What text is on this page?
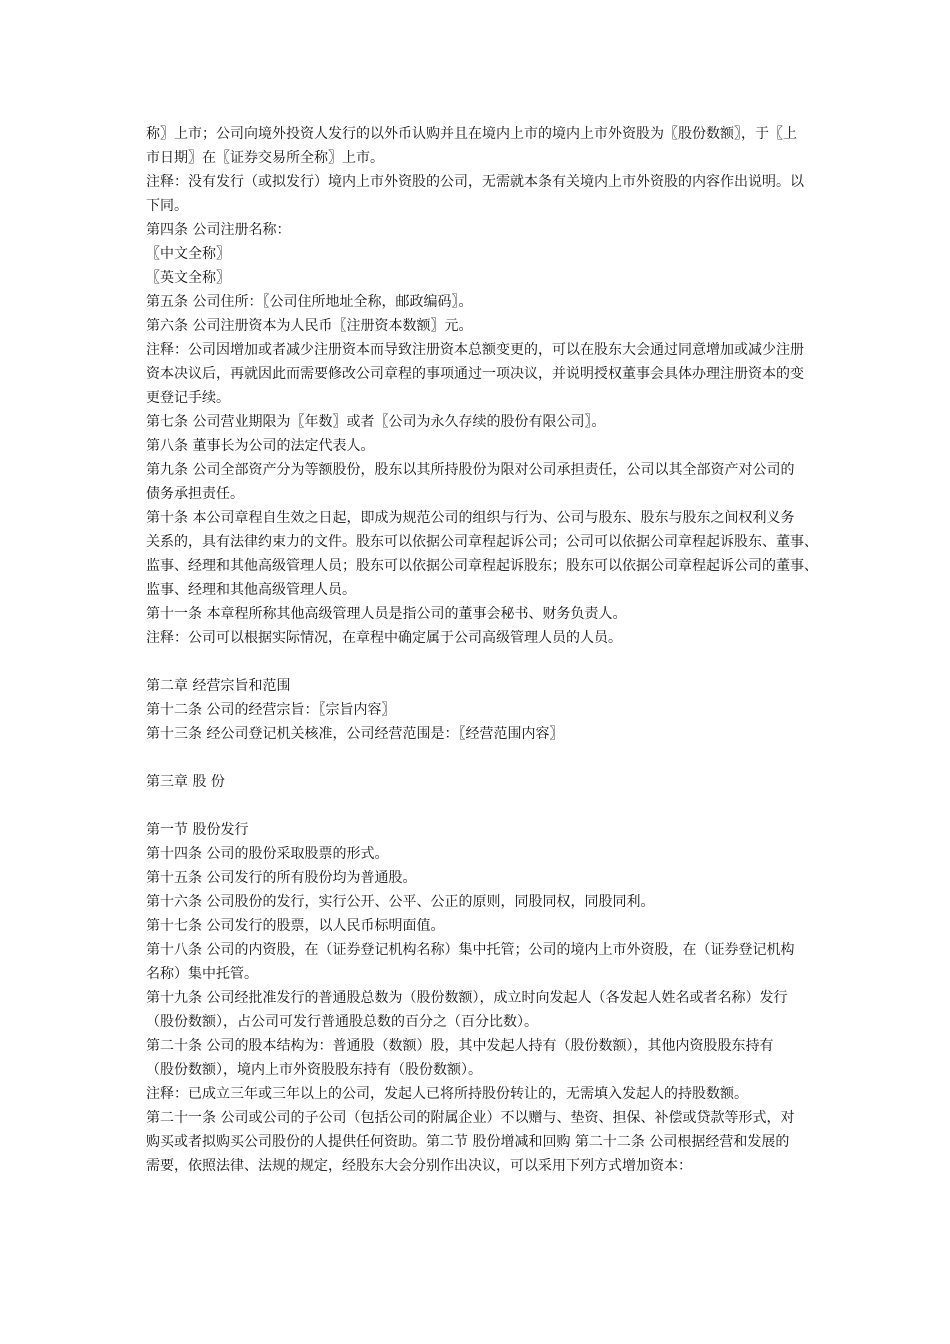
称〗上市；公司向境外投资人发行的以外币认购并且在境内上市的境内上市外资股为〖股份数额〗，于〖上
市日期〗在〖证券交易所全称〗上市。
注释：没有发行（或拟发行）境内上市外资股的公司，无需就本条有关境内上市外资股的内容作出说明。以
下同。
第四条 公司注册名称：
〖中文全称〗
〖英文全称〗
第五条 公司住所：〖公司住所地址全称，邮政编码〗。
第六条 公司注册资本为人民币〖注册资本数额〗元。
注释：公司因增加或者减少注册资本而导致注册资本总额变更的，可以在股东大会通过同意增加或减少注册
资本决议后，再就因此而需要修改公司章程的事项通过一项决议，并说明授权董事会具体办理注册资本的变
更登记手续。
第七条 公司营业期限为〖年数〗或者〖公司为永久存续的股份有限公司〗。
第八条 董事长为公司的法定代表人。
第九条 公司全部资产分为等额股份，股东以其所持股份为限对公司承担责任，公司以其全部资产对公司的
债务承担责任。
第十条 本公司章程自生效之日起，即成为规范公司的组织与行为、公司与股东、股东与股东之间权利义务
关系的，具有法律约束力的文件。股东可以依据公司章程起诉公司；公司可以依据公司章程起诉股东、董事、
监事、经理和其他高级管理人员；股东可以依据公司章程起诉股东；股东可以依据公司章程起诉公司的董事、
监事、经理和其他高级管理人员。
第十一条 本章程所称其他高级管理人员是指公司的董事会秘书、财务负责人。
注释：公司可以根据实际情况，在章程中确定属于公司高级管理人员的人员。
第二章 经营宗旨和范围
第十二条 公司的经营宗旨：〖宗旨内容〗
第十三条 经公司登记机关核准，公司经营范围是：〖经营范围内容〗
第三章 股 份
第一节 股份发行
第十四条 公司的股份采取股票的形式。
第十五条 公司发行的所有股份均为普通股。
第十六条 公司股份的发行，实行公开、公平、公正的原则，同股同权，同股同利。
第十七条 公司发行的股票，以人民币标明面值。
第十八条 公司的内资股，在（证券登记机构名称）集中托管；公司的境内上市外资股，在（证券登记机构
名称）集中托管。
第十九条 公司经批准发行的普通股总数为（股份数额），成立时向发起人（各发起人姓名或者名称）发行
（股份数额），占公司可发行普通股总数的百分之（百分比数）。
第二十条 公司的股本结构为：普通股（数额）股，其中发起人持有（股份数额），其他内资股股东持有
（股份数额），境内上市外资股股东持有（股份数额）。
注释：已成立三年或三年以上的公司，发起人已将所持股份转让的，无需填入发起人的持股数额。
第二十一条 公司或公司的子公司（包括公司的附属企业）不以赠与、垫资、担保、补偿或贷款等形式，对
购买或者拟购买公司股份的人提供任何资助。第二节 股份增减和回购 第二十二条 公司根据经营和发展的
需要，依照法律、法规的规定，经股东大会分别作出决议，可以采用下列方式增加资本：
